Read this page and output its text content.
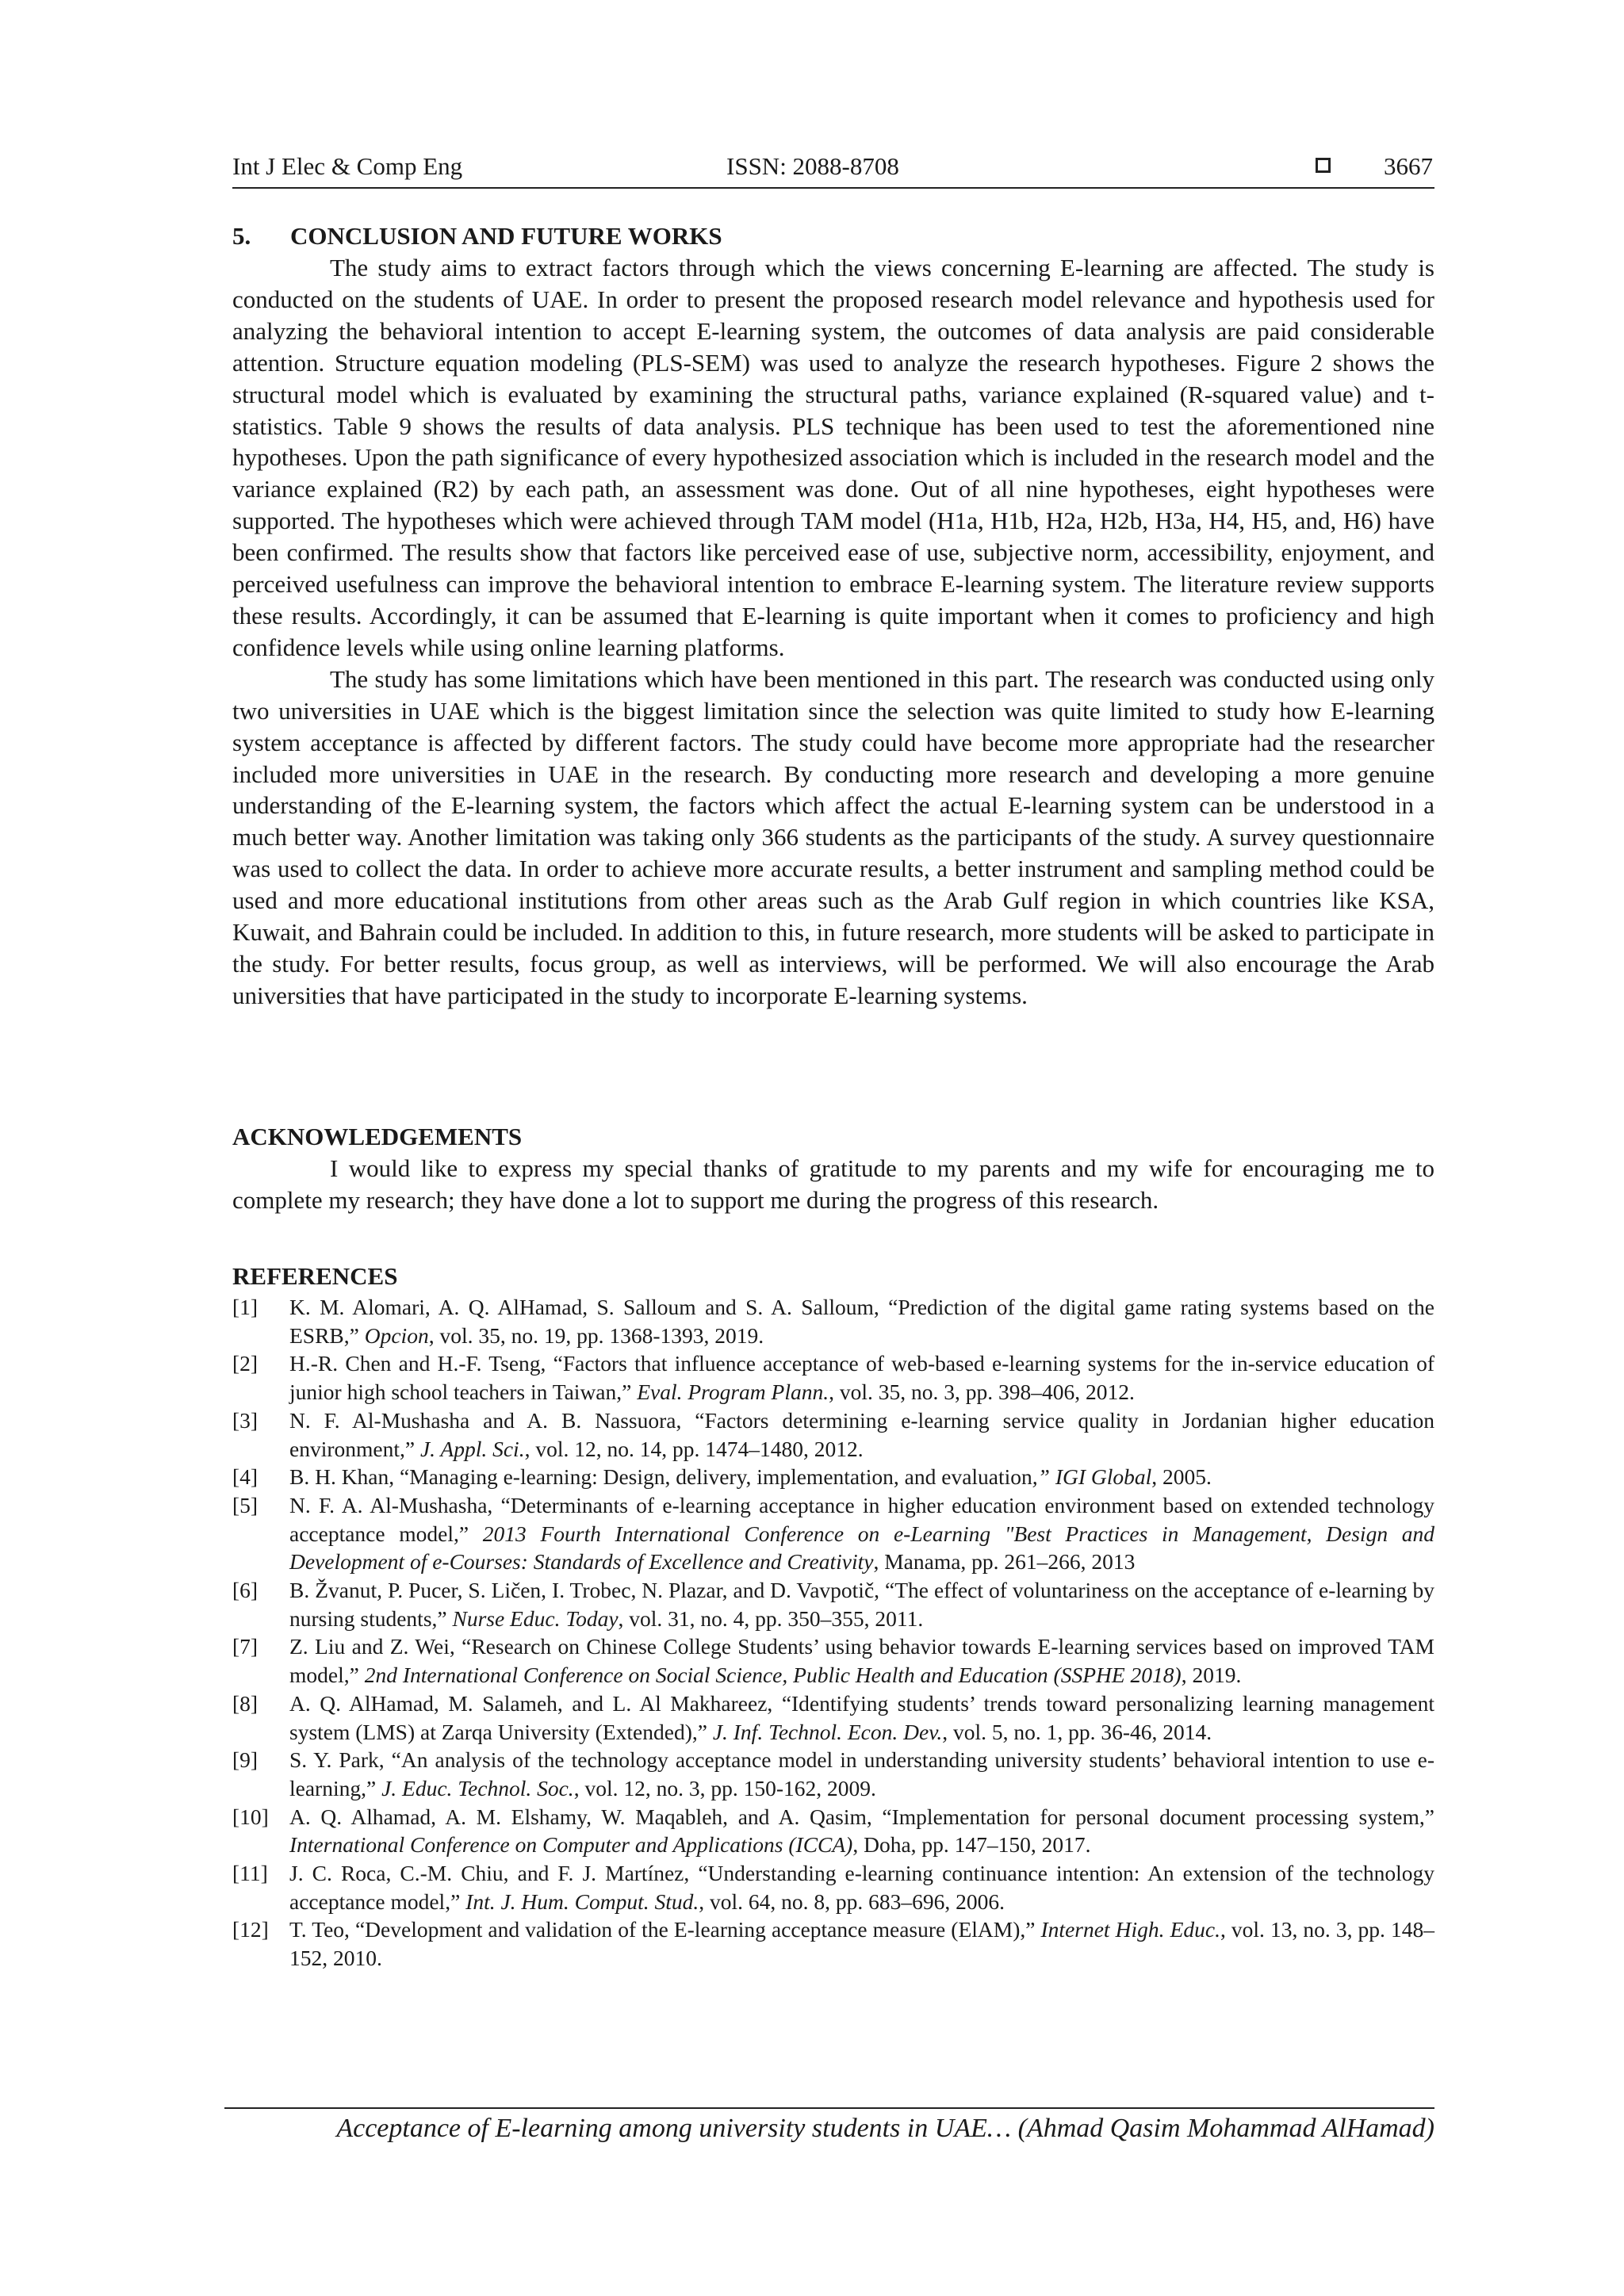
Int J Elec & Comp Eng	ISSN: 2088-8708	3667
5. CONCLUSION AND FUTURE WORKS

The study aims to extract factors through which the views concerning E-learning are affected. The study is conducted on the students of UAE. In order to present the proposed research model relevance and hypothesis used for analyzing the behavioral intention to accept E-learning system, the outcomes of data analysis are paid considerable attention. Structure equation modeling (PLS-SEM) was used to analyze the research hypotheses. Figure 2 shows the structural model which is evaluated by examining the structural paths, variance explained (R-squared value) and t-statistics. Table 9 shows the results of data analysis. PLS technique has been used to test the aforementioned nine hypotheses. Upon the path significance of every hypothesized association which is included in the research model and the variance explained (R2) by each path, an assessment was done. Out of all nine hypotheses, eight hypotheses were supported. The hypotheses which were achieved through TAM model (H1a, H1b, H2a, H2b, H3a, H4, H5, and, H6) have been confirmed. The results show that factors like perceived ease of use, subjective norm, accessibility, enjoyment, and perceived usefulness can improve the behavioral intention to embrace E-learning system. The literature review supports these results. Accordingly, it can be assumed that E-learning is quite important when it comes to proficiency and high confidence levels while using online learning platforms.

The study has some limitations which have been mentioned in this part. The research was conducted using only two universities in UAE which is the biggest limitation since the selection was quite limited to study how E-learning system acceptance is affected by different factors. The study could have become more appropriate had the researcher included more universities in UAE in the research. By conducting more research and developing a more genuine understanding of the E-learning system, the factors which affect the actual E-learning system can be understood in a much better way. Another limitation was taking only 366 students as the participants of the study. A survey questionnaire was used to collect the data. In order to achieve more accurate results, a better instrument and sampling method could be used and more educational institutions from other areas such as the Arab Gulf region in which countries like KSA, Kuwait, and Bahrain could be included. In addition to this, in future research, more students will be asked to participate in the study. For better results, focus group, as well as interviews, will be performed. We will also encourage the Arab universities that have participated in the study to incorporate E-learning systems.

ACKNOWLEDGEMENTS

I would like to express my special thanks of gratitude to my parents and my wife for encouraging me to complete my research; they have done a lot to support me during the progress of this research.

REFERENCES
[1] K. M. Alomari, A. Q. AlHamad, S. Salloum and S. A. Salloum, “Prediction of the digital game rating systems based on the ESRB,” Opcion, vol. 35, no. 19, pp. 1368-1393, 2019.
[2] H.-R. Chen and H.-F. Tseng, “Factors that influence acceptance of web-based e-learning systems for the in-service education of junior high school teachers in Taiwan,” Eval. Program Plann., vol. 35, no. 3, pp. 398–406, 2012.
[3] N. F. Al-Mushasha and A. B. Nassuora, “Factors determining e-learning service quality in Jordanian higher education environment,” J. Appl. Sci., vol. 12, no. 14, pp. 1474–1480, 2012.
[4] B. H. Khan, “Managing e-learning: Design, delivery, implementation, and evaluation,” IGI Global, 2005.
[5] N. F. A. Al-Mushasha, “Determinants of e-learning acceptance in higher education environment based on extended technology acceptance model,” 2013 Fourth International Conference on e-Learning "Best Practices in Management, Design and Development of e-Courses: Standards of Excellence and Creativity, Manama, pp. 261–266, 2013
[6] B. Žvanut, P. Pucer, S. Ličen, I. Trobec, N. Plazar, and D. Vavpotič, “The effect of voluntariness on the acceptance of e-learning by nursing students,” Nurse Educ. Today, vol. 31, no. 4, pp. 350–355, 2011.
[7] Z. Liu and Z. Wei, “Research on Chinese College Students’ using behavior towards E-learning services based on improved TAM model,” 2nd International Conference on Social Science, Public Health and Education (SSPHE 2018), 2019.
[8] A. Q. AlHamad, M. Salameh, and L. Al Makhareez, “Identifying students’ trends toward personalizing learning management system (LMS) at Zarqa University (Extended),” J. Inf. Technol. Econ. Dev., vol. 5, no. 1, pp. 36-46, 2014.
[9] S. Y. Park, “An analysis of the technology acceptance model in understanding university students’ behavioral intention to use e-learning,” J. Educ. Technol. Soc., vol. 12, no. 3, pp. 150-162, 2009.
[10] A. Q. Alhamad, A. M. Elshamy, W. Maqableh, and A. Qasim, “Implementation for personal document processing system,” International Conference on Computer and Applications (ICCA), Doha, pp. 147–150, 2017.
[11] J. C. Roca, C.-M. Chiu, and F. J. Martínez, “Understanding e-learning continuance intention: An extension of the technology acceptance model,” Int. J. Hum. Comput. Stud., vol. 64, no. 8, pp. 683–696, 2006.
[12] T. Teo, “Development and validation of the E-learning acceptance measure (ElAM),” Internet High. Educ., vol. 13, no. 3, pp. 148–152, 2010.
Acceptance of E-learning among university students in UAE… (Ahmad Qasim Mohammad AlHamad)
